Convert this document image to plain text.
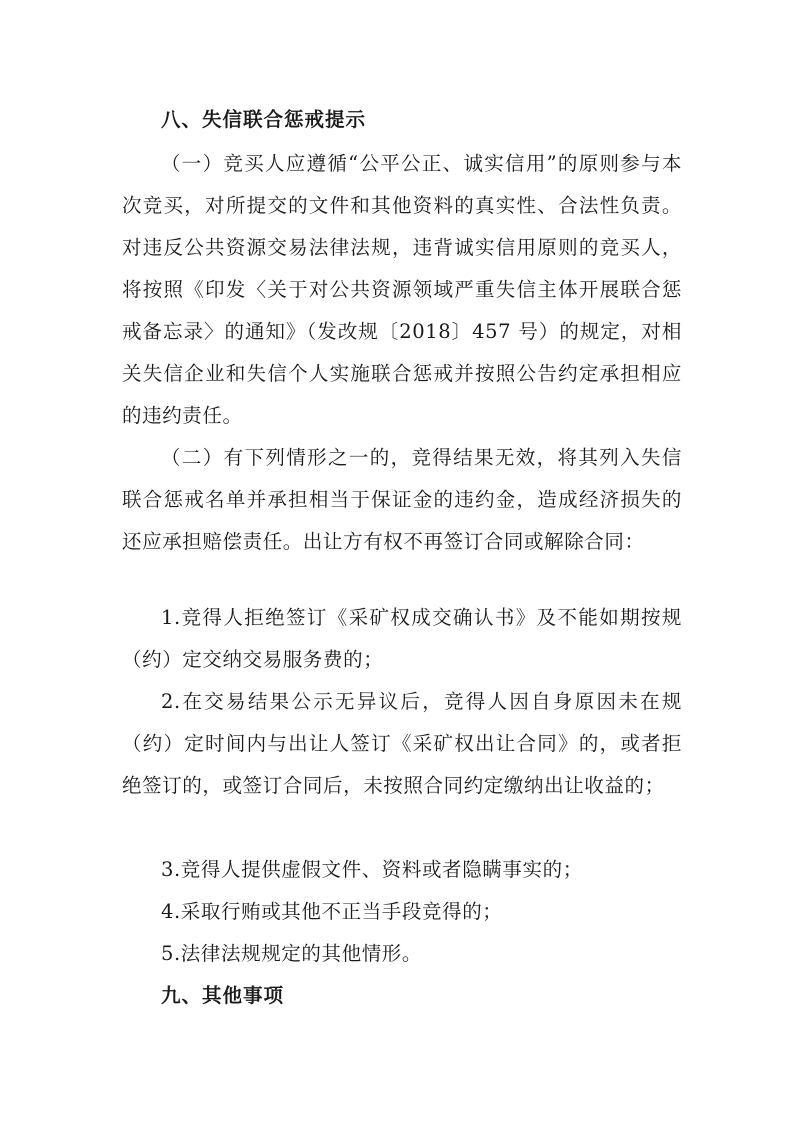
八、失信联合惩戒提示

（一）竞买人应遵循“公平公正、诚实信用”的原则参与本次竞买，对所提交的文件和其他资料的真实性、合法性负责。对违反公共资源交易法律法规，违背诚实信用原则的竞买人，将按照《印发〈关于对公共资源领域严重失信主体开展联合惩戒备忘录〉的通知》（发改规〔2018〕457 号）的规定，对相关失信企业和失信个人实施联合惩戒并按照公告约定承担相应的违约责任。

（二）有下列情形之一的，竞得结果无效，将其列入失信联合惩戒名单并承担相当于保证金的违约金，造成经济损失的还应承担赔偿责任。出让方有权不再签订合同或解除合同：

1.竞得人拒绝签订《采矿权成交确认书》及不能如期按规（约）定交纳交易服务费的；

2.在交易结果公示无异议后，竞得人因自身原因未在规（约）定时间内与出让人签订《采矿权出让合同》的，或者拒绝签订的，或签订合同后，未按照合同约定缴纳出让收益的；

3.竞得人提供虚假文件、资料或者隐瞒事实的；

4.采取行贿或其他不正当手段竞得的；

5.法律法规规定的其他情形。

九、其他事项
